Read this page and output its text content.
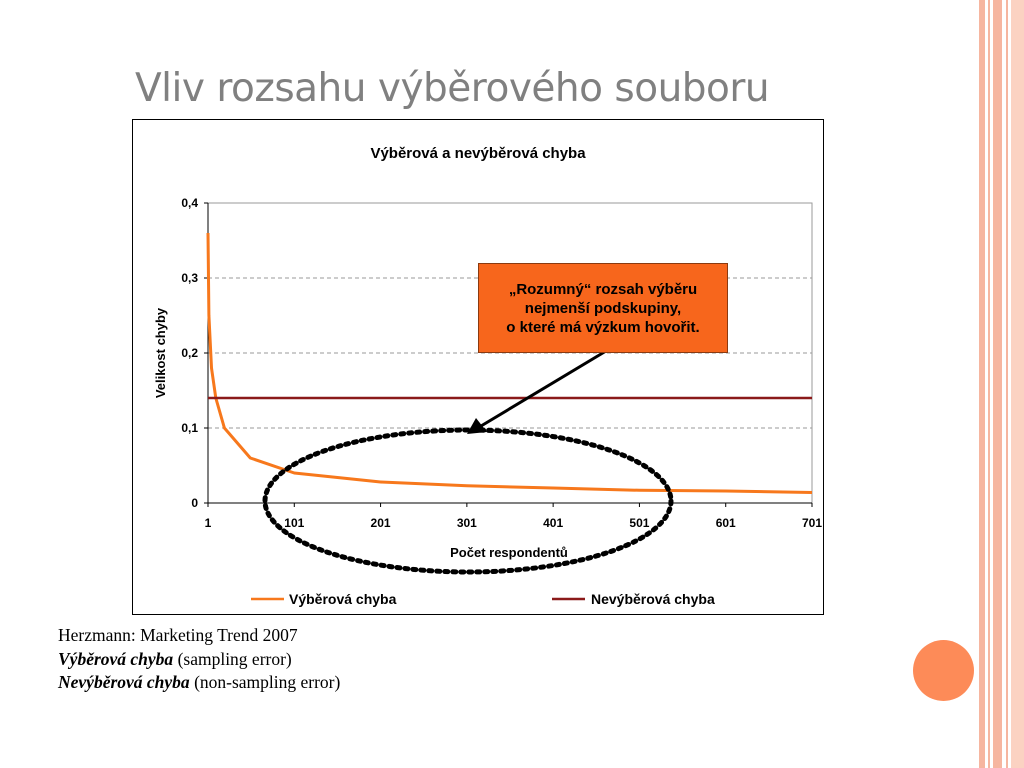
Vliv rozsahu výběrového souboru
Výběrová a nevýběrová chyba
0
0,1
0,2
0,3
0,4
1	101	201	301	401	501	601	701
Velikost chyby
Počet respondentů
Výběrová chyba	Nevýběrová chyba
„Rozumný“ rozsah výběru
nejmenší podskupiny,
o které má výzkum hovořit.
Herzmann: Marketing Trend 2007
Výběrová chyba (sampling error)
Nevýběrová chyba (non-sampling error)
